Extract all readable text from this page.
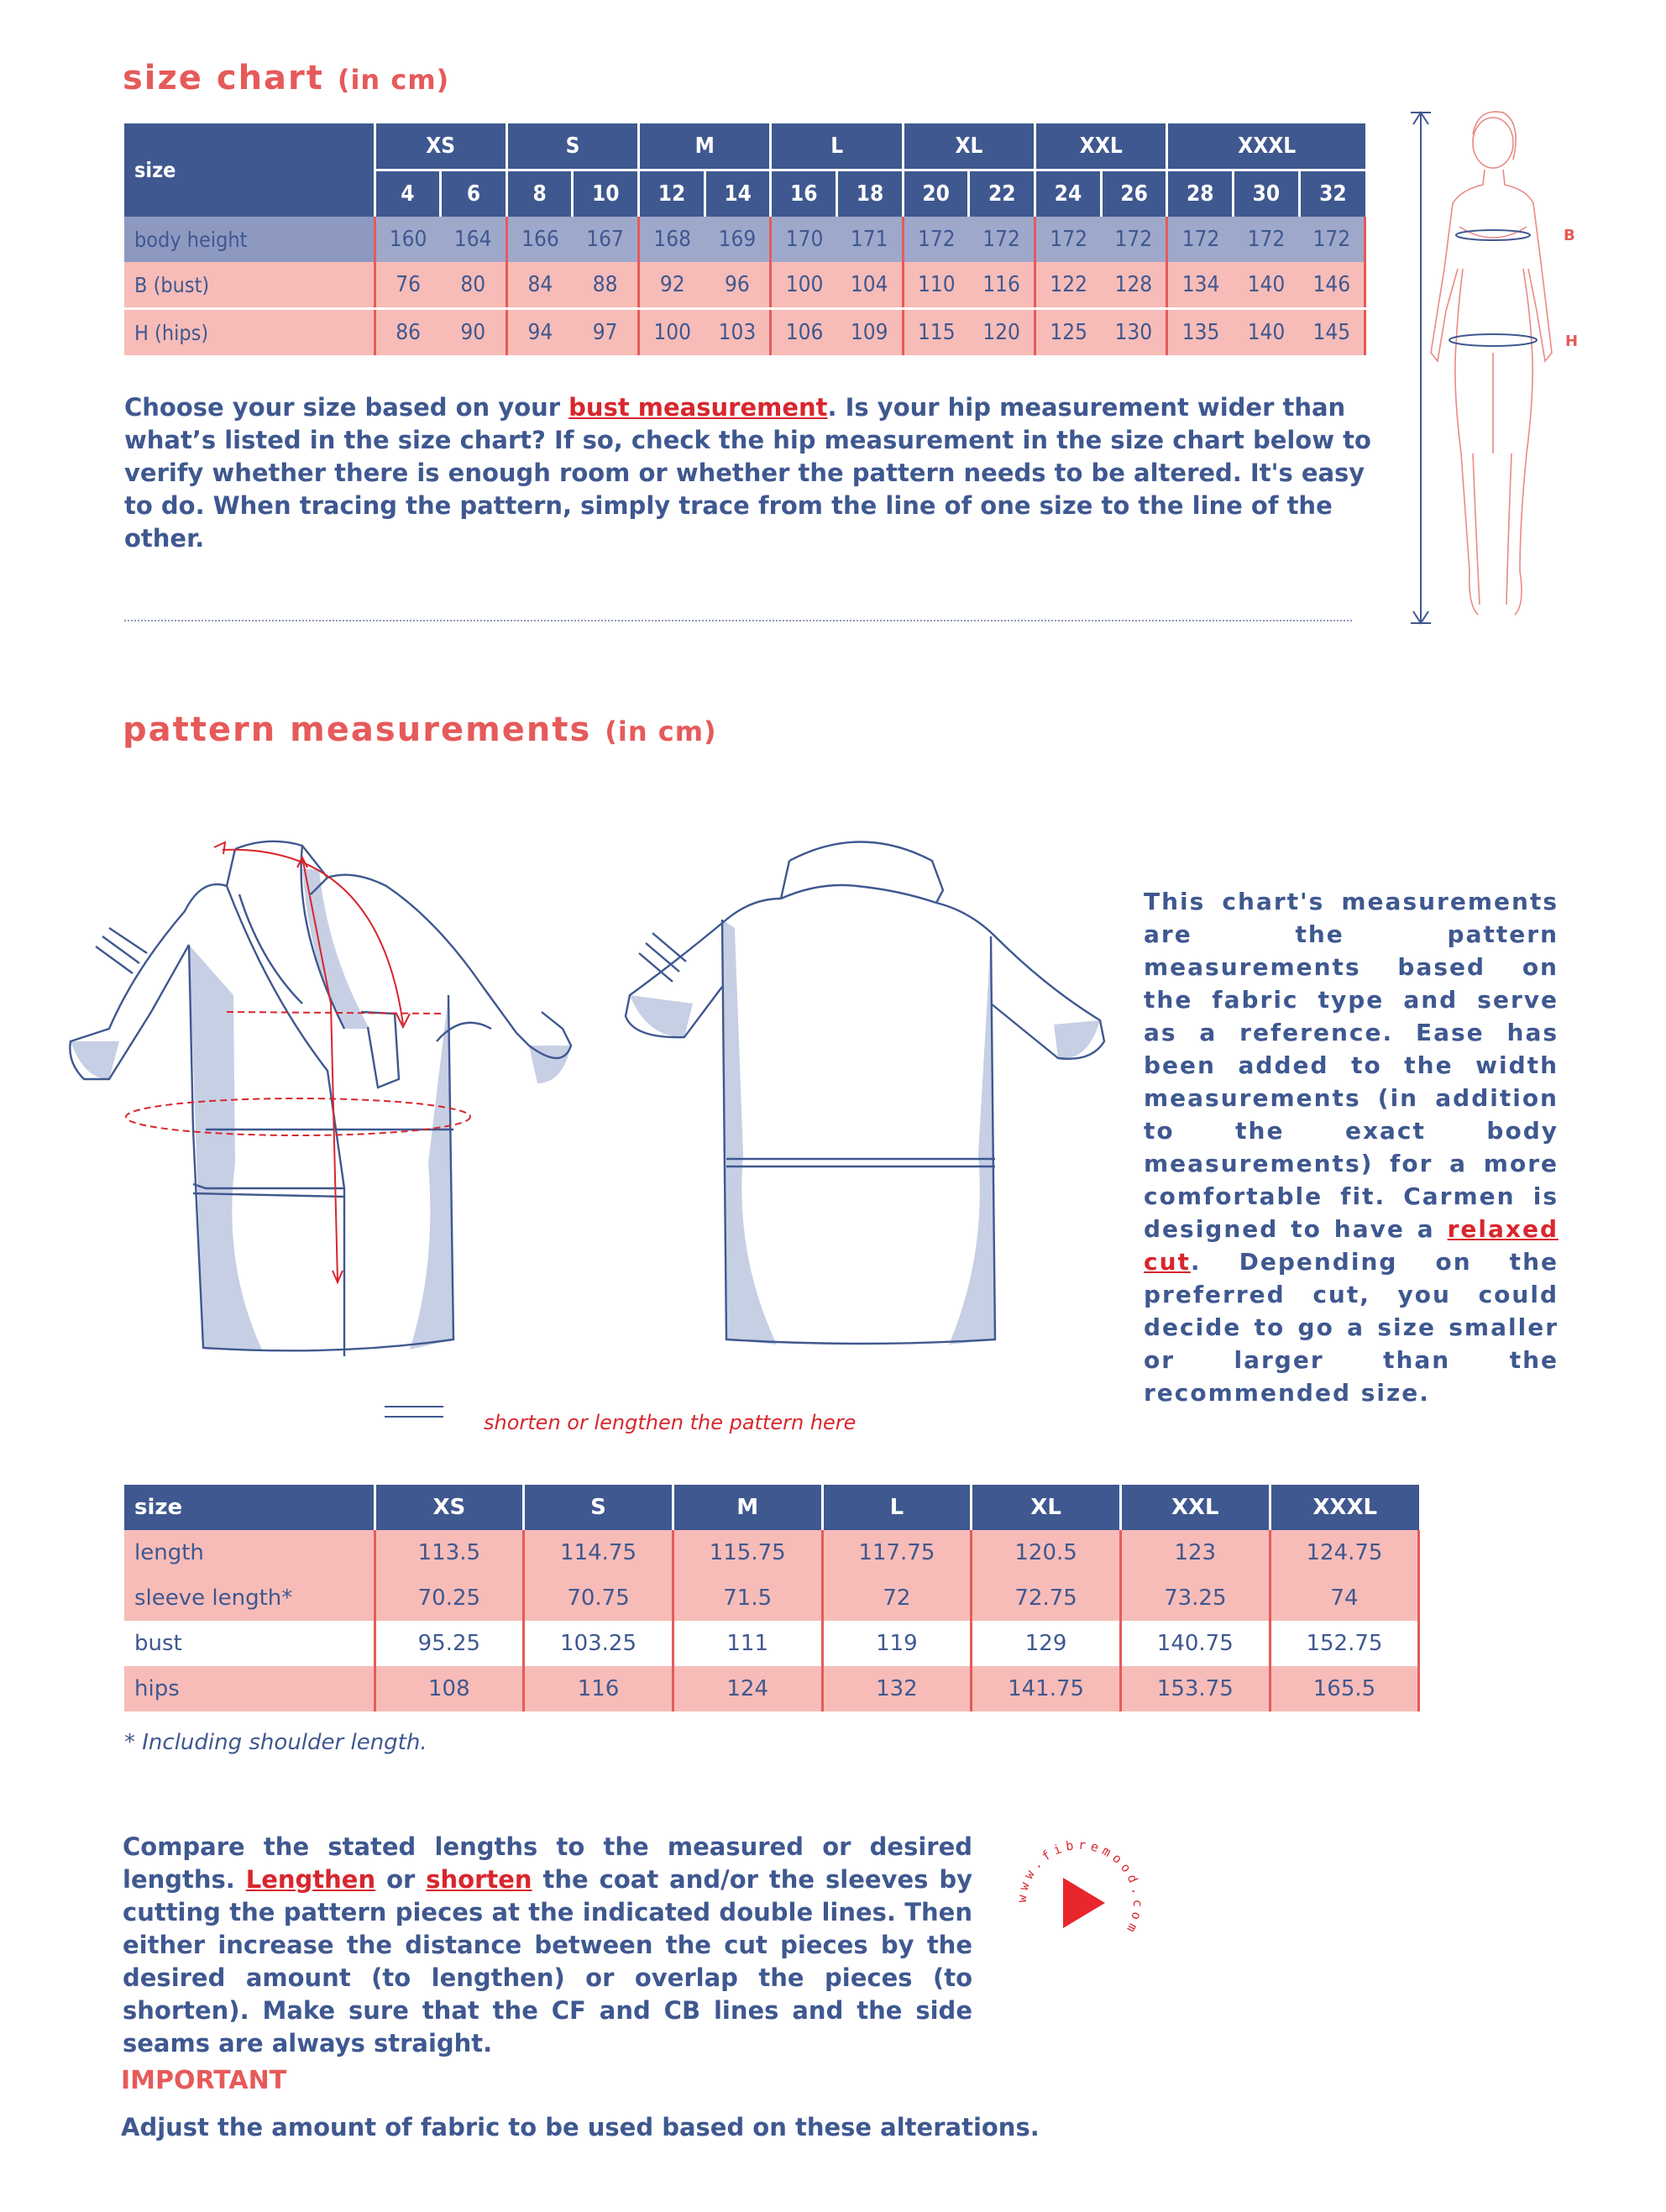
size chart (in cm)
size	XS		S		M		L		XL		XXL		XXXL		
	4	6	8	10	12	14	16	18	20	22	24	26	28	30	32
body height	160	164	166	167	168	169	170	171	172	172	172	172	172	172	172
B (bust)	76	80	84	88	92	96	100	104	110	116	122	128	134	140	146
H (hips)	86	90	94	97	100	103	106	109	115	120	125	130	135	140	145
Choose your size based on your bust measurement. Is your hip measurement wider than what’s listed in the size chart? If so, check the hip measurement in the size chart below to verify whether there is enough room or whether the pattern needs to be altered. It's easy to do. When tracing the pattern, simply trace from the line of one size to the line of the other.
B
H
pattern measurements (in cm)
shorten or lengthen the pattern here
This chart's measurements are the pattern measurements based on the fabric type and serve as a reference. Ease has been added to the width measurements (in addition to the exact body measurements) for a more comfortable fit. Carmen is designed to have a relaxed cut. Depending on the preferred cut, you could decide to go a size smaller or larger than the recommended size.
size	XS	S	M	L	XL	XXL	XXXL
length	113.5	114.75	115.75	117.75	120.5	123	124.75
sleeve length*	70.25	70.75	71.5	72	72.75	73.25	74
bust	95.25	103.25	111	119	129	140.75	152.75
hips	108	116	124	132	141.75	153.75	165.5
* Including shoulder length.
Compare the stated lengths to the measured or desired lengths. Lengthen or shorten the coat and/or the sleeves by cutting the pattern pieces at the indicated double lines. Then either increase the distance between the cut pieces by the desired amount (to lengthen) or overlap the pieces (to shorten). Make sure that the CF and CB lines and the side seams are always straight.
www.fibremood.com
IMPORTANT
Adjust the amount of fabric to be used based on these alterations.
